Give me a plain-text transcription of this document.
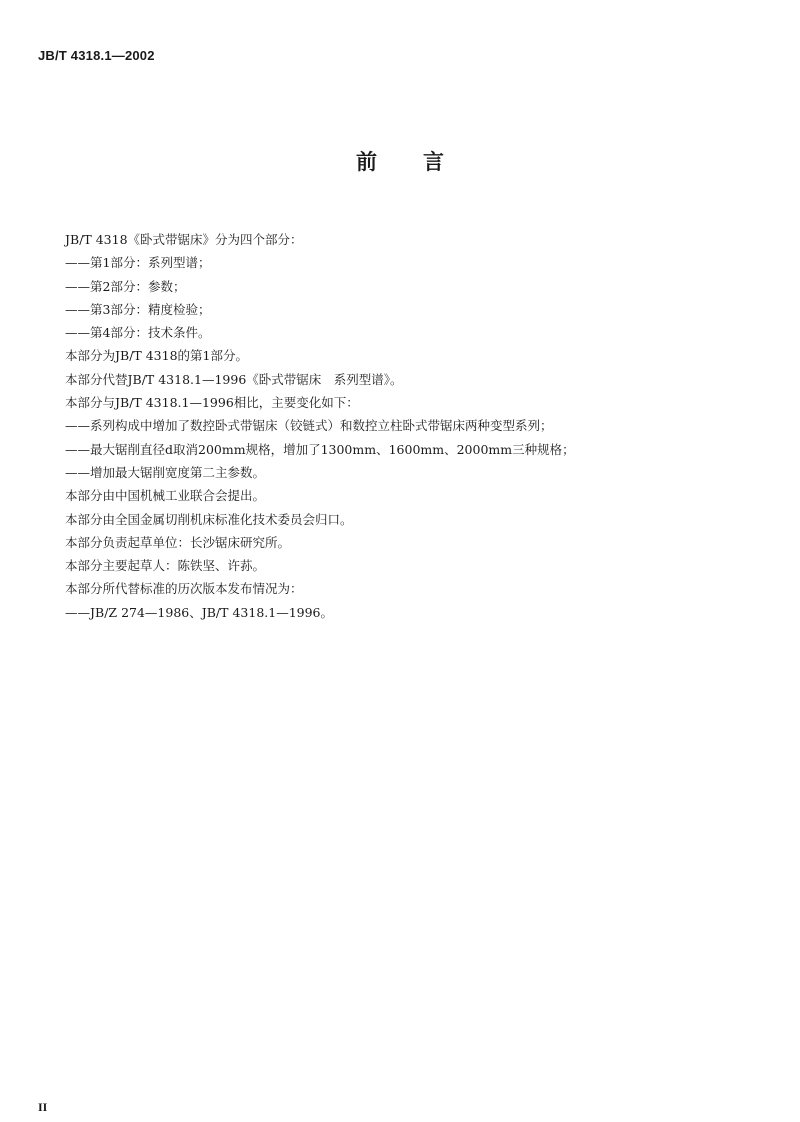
JB/T 4318.1—2002
前 言
JB/T 4318《卧式带锯床》分为四个部分：
——第1部分：系列型谱；
——第2部分：参数；
——第3部分：精度检验；
——第4部分：技术条件。
本部分为JB/T 4318的第1部分。
本部分代替JB/T 4318.1—1996《卧式带锯床　系列型谱》。
本部分与JB/T 4318.1—1996相比，主要变化如下：
——系列构成中增加了数控卧式带锯床（铰链式）和数控立柱卧式带锯床两种变型系列；
——最大锯削直径d取消200mm规格，增加了1300mm、1600mm、2000mm三种规格；
——增加最大锯削宽度第二主参数。
本部分由中国机械工业联合会提出。
本部分由全国金属切削机床标准化技术委员会归口。
本部分负责起草单位：长沙锯床研究所。
本部分主要起草人：陈铁坚、许荪。
本部分所代替标准的历次版本发布情况为：
——JB/Z 274—1986、JB/T 4318.1—1996。
II
